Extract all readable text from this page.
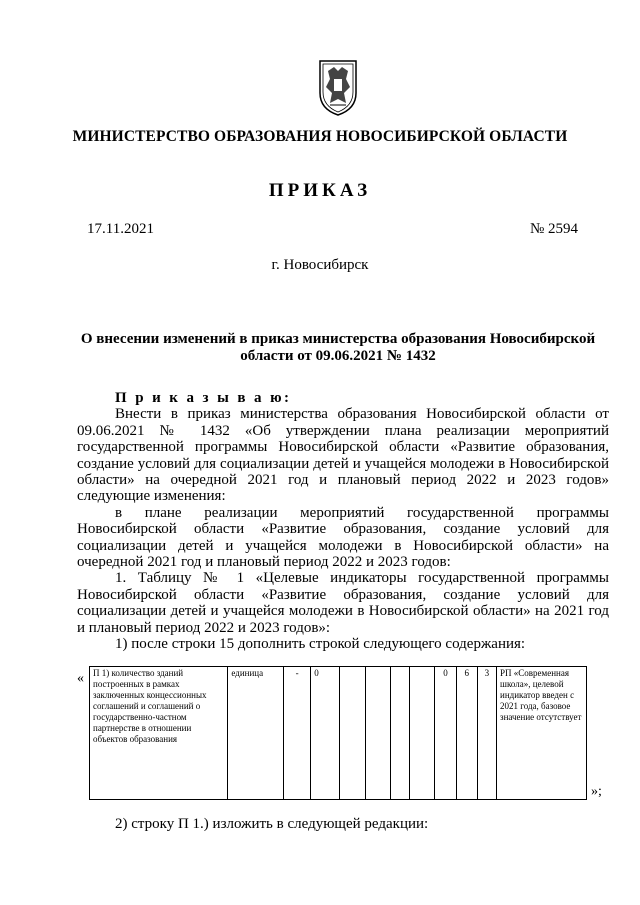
МИНИСТЕРСТВО ОБРАЗОВАНИЯ НОВОСИБИРСКОЙ ОБЛАСТИ
ПРИКАЗ
17.11.2021	№ 2594
г. Новосибирск
О внесении изменений в приказ министерства образования Новосибирской
области от 09.06.2021 № 1432

П р и к а з ы в а ю:

Внести в приказ министерства образования Новосибирской области от 09.06.2021 № 1432 «Об утверждении плана реализации мероприятий государственной программы Новосибирской области «Развитие образования, создание условий для социализации детей и учащейся молодежи в Новосибирской области» на очередной 2021 год и плановый период 2022 и 2023 годов» следующие изменения:

в плане реализации мероприятий государственной программы Новосибирской области «Развитие образования, создание условий для социализации детей и учащейся молодежи в Новосибирской области» на очередной 2021 год и плановый период 2022 и 2023 годов:

1. Таблицу № 1 «Целевые индикаторы государственной программы Новосибирской области «Развитие образования, создание условий для социализации детей и учащейся молодежи в Новосибирской области» на 2021 год и плановый период 2022 и 2023 годов»:

1) после строки 15 дополнить строкой следующего содержания:

« П 1) количество зданий построенных в рамках заключенных концессионных соглашений и соглашений о государственно-частном партнерстве в отношении объектов образования	единица	-	0					0	6	3	РП «Современная школа», целевой индикатор введен с 2021 года, базовое значение отсутствует
»;
2) строку П 1.) изложить в следующей редакции:
